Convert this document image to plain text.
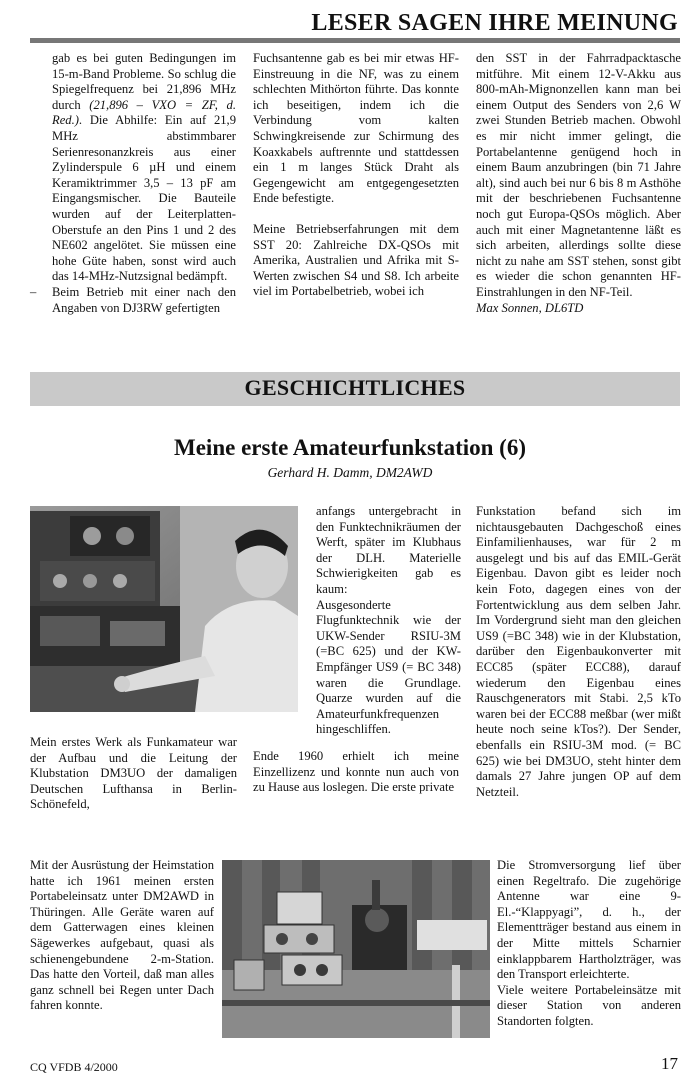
LESER SAGEN IHRE MEINUNG

gab es bei guten Bedingungen im 15-m-Band Probleme. So schlug die Spiegelfrequenz bei 21,896 MHz durch (21,896 – VXO = ZF, d. Red.). Die Abhilfe: Ein auf 21,9 MHz abstimmbarer Serienresonanzkreis aus einer Zylinderspule 6 µH und einem Keramiktrimmer 3,5 – 13 pF am Eingangsmischer. Die Bauteile wurden auf der Leiterplatten-Oberstufe an den Pins 1 und 2 des NE602 angelötet. Sie müssen eine hohe Güte haben, sonst wird auch das 14-MHz-Nutzsignal bedämpft.

– Beim Betrieb mit einer nach den Angaben von DJ3RW gefertigten

Fuchsantenne gab es bei mir etwas HF-Einstreuung in die NF, was zu einem schlechten Mithörton führte. Das konnte ich beseitigen, indem ich die Verbindung vom kalten Schwingkreisende zur Schirmung des Koaxkabels auftrennte und stattdessen ein 1 m langes Stück Draht als Gegengewicht am entgegengesetzten Ende befestigte.

Meine Betriebserfahrungen mit dem SST 20: Zahlreiche DX-QSOs mit Amerika, Australien und Afrika mit S-Werten zwischen S4 und S8. Ich arbeite viel im Portabelbetrieb, wobei ich

den SST in der Fahrradpacktasche mitführe. Mit einem 12-V-Akku aus 800-mAh-Mignonzellen kann man bei einem Output des Senders von 2,6 W zwei Stunden Betrieb machen. Obwohl es mir nicht immer gelingt, die Portabelantenne genügend hoch in einem Baum anzubringen (bin 71 Jahre alt), sind auch bei nur 6 bis 8 m Asthöhe mit der beschriebenen Fuchsantenne noch gut Europa-QSOs möglich. Aber auch mit einer Magnetantenne läßt es sich arbeiten, allerdings sollte diese nicht zu nahe am SST stehen, sonst gibt es wieder die schon genannten HF-Einstrahlungen in den NF-Teil.

Max Sonnen, DL6TD

GESCHICHTLICHES
Meine erste Amateurfunkstation (6)
Gerhard H. Damm, DM2AWD

Mein erstes Werk als Funkamateur war der Aufbau und die Leitung der Klubstation DM3UO der damaligen Deutschen Lufthansa in Berlin-Schönefeld,

anfangs untergebracht in den Funktechnikräumen der Werft, später im Klubhaus der DLH. Materielle Schwierigkeiten gab es kaum:

Ausgesonderte Flugfunktechnik wie der UKW-Sender RSIU-3M (=BC 625) und der KW-Empfänger US9 (= BC 348) waren die Grundlage. Quarze wurden auf die Amateurfunkfrequenzen hingeschliffen.

Ende 1960 erhielt ich meine Einzellizenz und konnte nun auch von zu Hause aus loslegen. Die erste private

Funkstation befand sich im nichtausgebauten Dachgeschoß eines Einfamilienhauses, war für 2 m ausgelegt und bis auf das EMIL-Gerät Eigenbau. Davon gibt es leider noch kein Foto, dagegen eines von der Fortentwicklung aus dem selben Jahr. Im Vordergrund sieht man den gleichen US9 (=BC 348) wie in der Klubstation, darüber den Eigenbaukonverter mit ECC85 (später ECC88), darauf wiederum den Eigenbau eines Rauschgenerators mit Stabi. 2,5 kTo waren bei der ECC88 meßbar (wer mißt heute noch seine kTos?). Der Sender, ebenfalls ein RSIU-3M mod. (= BC 625) wie bei DM3UO, steht hinter dem damals 27 Jahre jungen OP auf dem Netzteil.

Mit der Ausrüstung der Heimstation hatte ich 1961 meinen ersten Portabeleinsatz unter DM2AWD in Thüringen. Alle Geräte waren auf dem Gatterwagen eines kleinen Sägewerkes aufgebaut, quasi als schienengebundene 2-m-Station. Das hatte den Vorteil, daß man alles ganz schnell bei Regen unter Dach fahren konnte.

Die Stromversorgung lief über einen Regeltrafo. Die zugehörige Antenne war eine 9-El.-“Klappyagi”, d. h., der Elementträger bestand aus einem in der Mitte mittels Scharnier einklappbarem Hartholzträger, was den Transport erleichterte.

Viele weitere Portabeleinsätze mit dieser Station von anderen Standorten folgten.

CQ VFDB 4/2000	17
